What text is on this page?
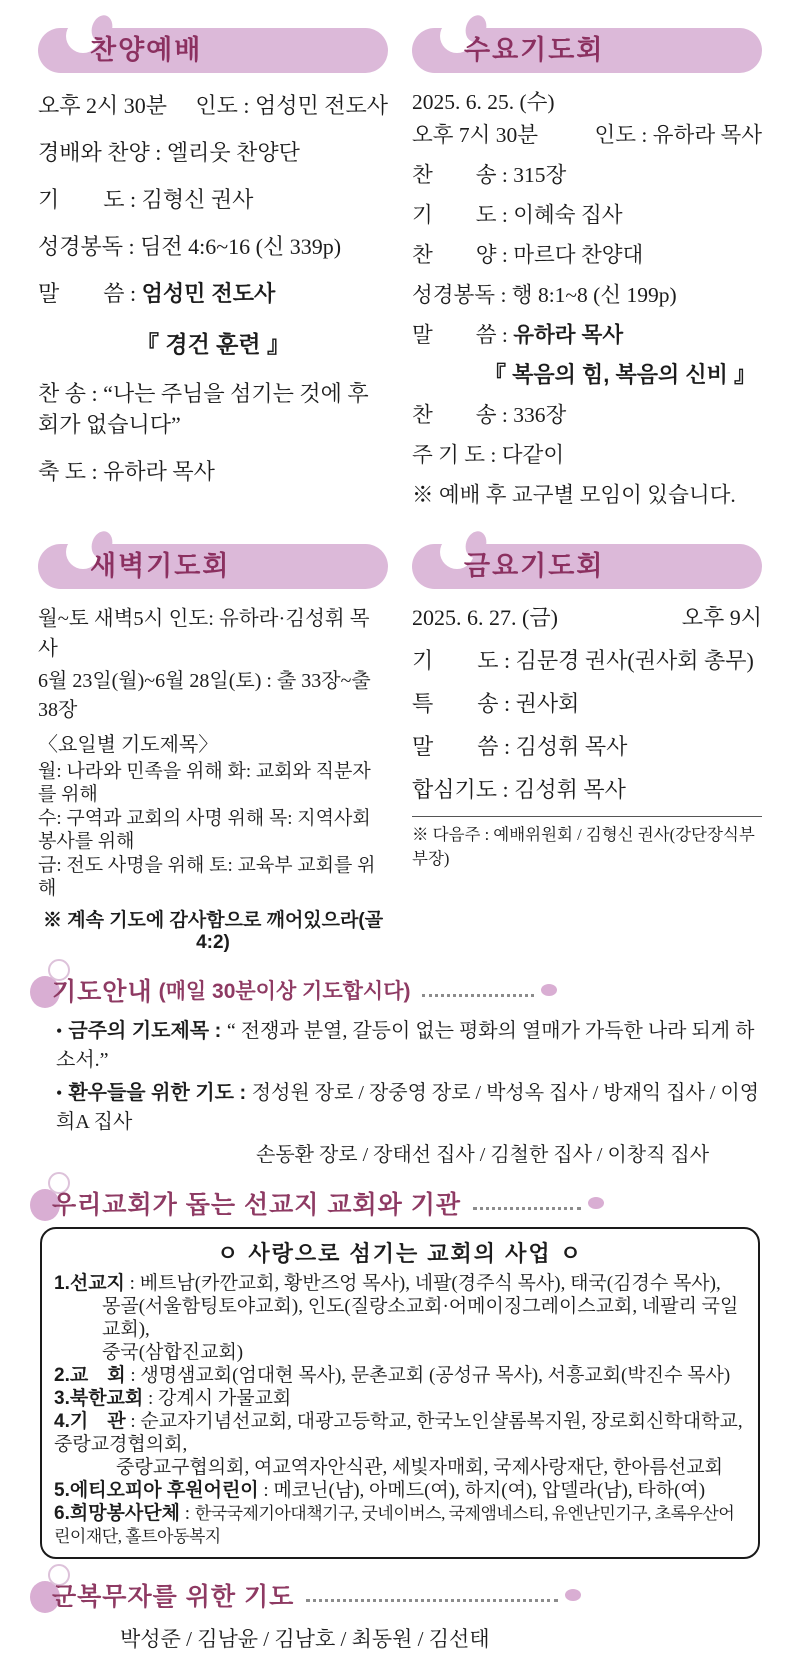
찬양예배
오후 2시 30분 인도 : 엄성민 전도사
경배와 찬양 : 엘리웃 찬양단
기　　도 : 김형신 권사
성경봉독 : 딤전 4:6~16 (신 339p)
말　　씀 : 엄성민 전도사
『 경건 훈련 』
찬 송 : “나는 주님을 섬기는 것에 후회가 없습니다”
축 도 : 유하라 목사
수요기도회
2025. 6. 25. (수)
오후 7시 30분	인도 : 유하라 목사
찬　　송 : 315장
기　　도 : 이혜숙 집사
찬　　양 : 마르다 찬양대
성경봉독 : 행 8:1~8 (신 199p)
말　　씀 : 유하라 목사
『 복음의 힘, 복음의 신비 』
찬　　송 : 336장
주 기 도 : 다같이
※ 예배 후 교구별 모임이 있습니다.
새벽기도회
월~토 새벽5시 인도: 유하라·김성휘 목사
6월 23일(월)~6월 28일(토) : 출 33장~출 38장
〈요일별 기도제목〉
월: 나라와 민족을 위해 화: 교회와 직분자를 위해
수: 구역과 교회의 사명 위해 목: 지역사회 봉사를 위해
금: 전도 사명을 위해 토: 교육부 교회를 위해
※ 계속 기도에 감사함으로 깨어있으라(골4:2)
금요기도회
2025. 6. 27. (금)	오후 9시
기　　도 : 김문경 권사(권사회 총무)
특　　송 : 권사회
말　　씀 : 김성휘 목사
합심기도 : 김성휘 목사
※ 다음주 : 예배위원회 / 김형신 권사(강단장식부 부장)
기도안내 (매일 30분이상 기도합시다)
• 금주의 기도제목 : “ 전쟁과 분열, 갈등이 없는 평화의 열매가 가득한 나라 되게 하소서.”
• 환우들을 위한 기도 : 정성원 장로 / 장중영 장로 / 박성옥 집사 / 방재익 집사 / 이영희A 집사
손동환 장로 / 장태선 집사 / 김철한 집사 / 이창직 집사
우리교회가 돕는 선교지 교회와 기관
ㅇ 사랑으로 섬기는 교회의 사업 ㅇ
1.선교지 : 베트남(카깐교회, 황반즈엉 목사), 네팔(경주식 목사), 태국(김경수 목사),
몽골(서울함팅토야교회), 인도(질랑소교회·어메이징그레이스교회, 네팔리 국일교회),
중국(삼합진교회)
2.교　회 : 생명샘교회(엄대현 목사), 문촌교회 (공성규 목사), 서흥교회(박진수 목사)
3.북한교회 : 강계시 가물교회
4.기　관 : 순교자기념선교회, 대광고등학교, 한국노인샬롬복지원, 장로회신학대학교, 중랑교경협의회,
중랑교구협의회, 여교역자안식관, 세빛자매회, 국제사랑재단, 한아름선교회
5.에티오피아 후원어린이 : 메코닌(남), 아메드(여), 하지(여), 압델라(남), 타하(여)
6.희망봉사단체 : 한국국제기아대책기구, 굿네이버스, 국제앰네스티, 유엔난민기구, 초록우산어린이재단, 홀트아동복지
군복무자를 위한 기도
박성준 / 김남윤 / 김남호 / 최동원 / 김선태
